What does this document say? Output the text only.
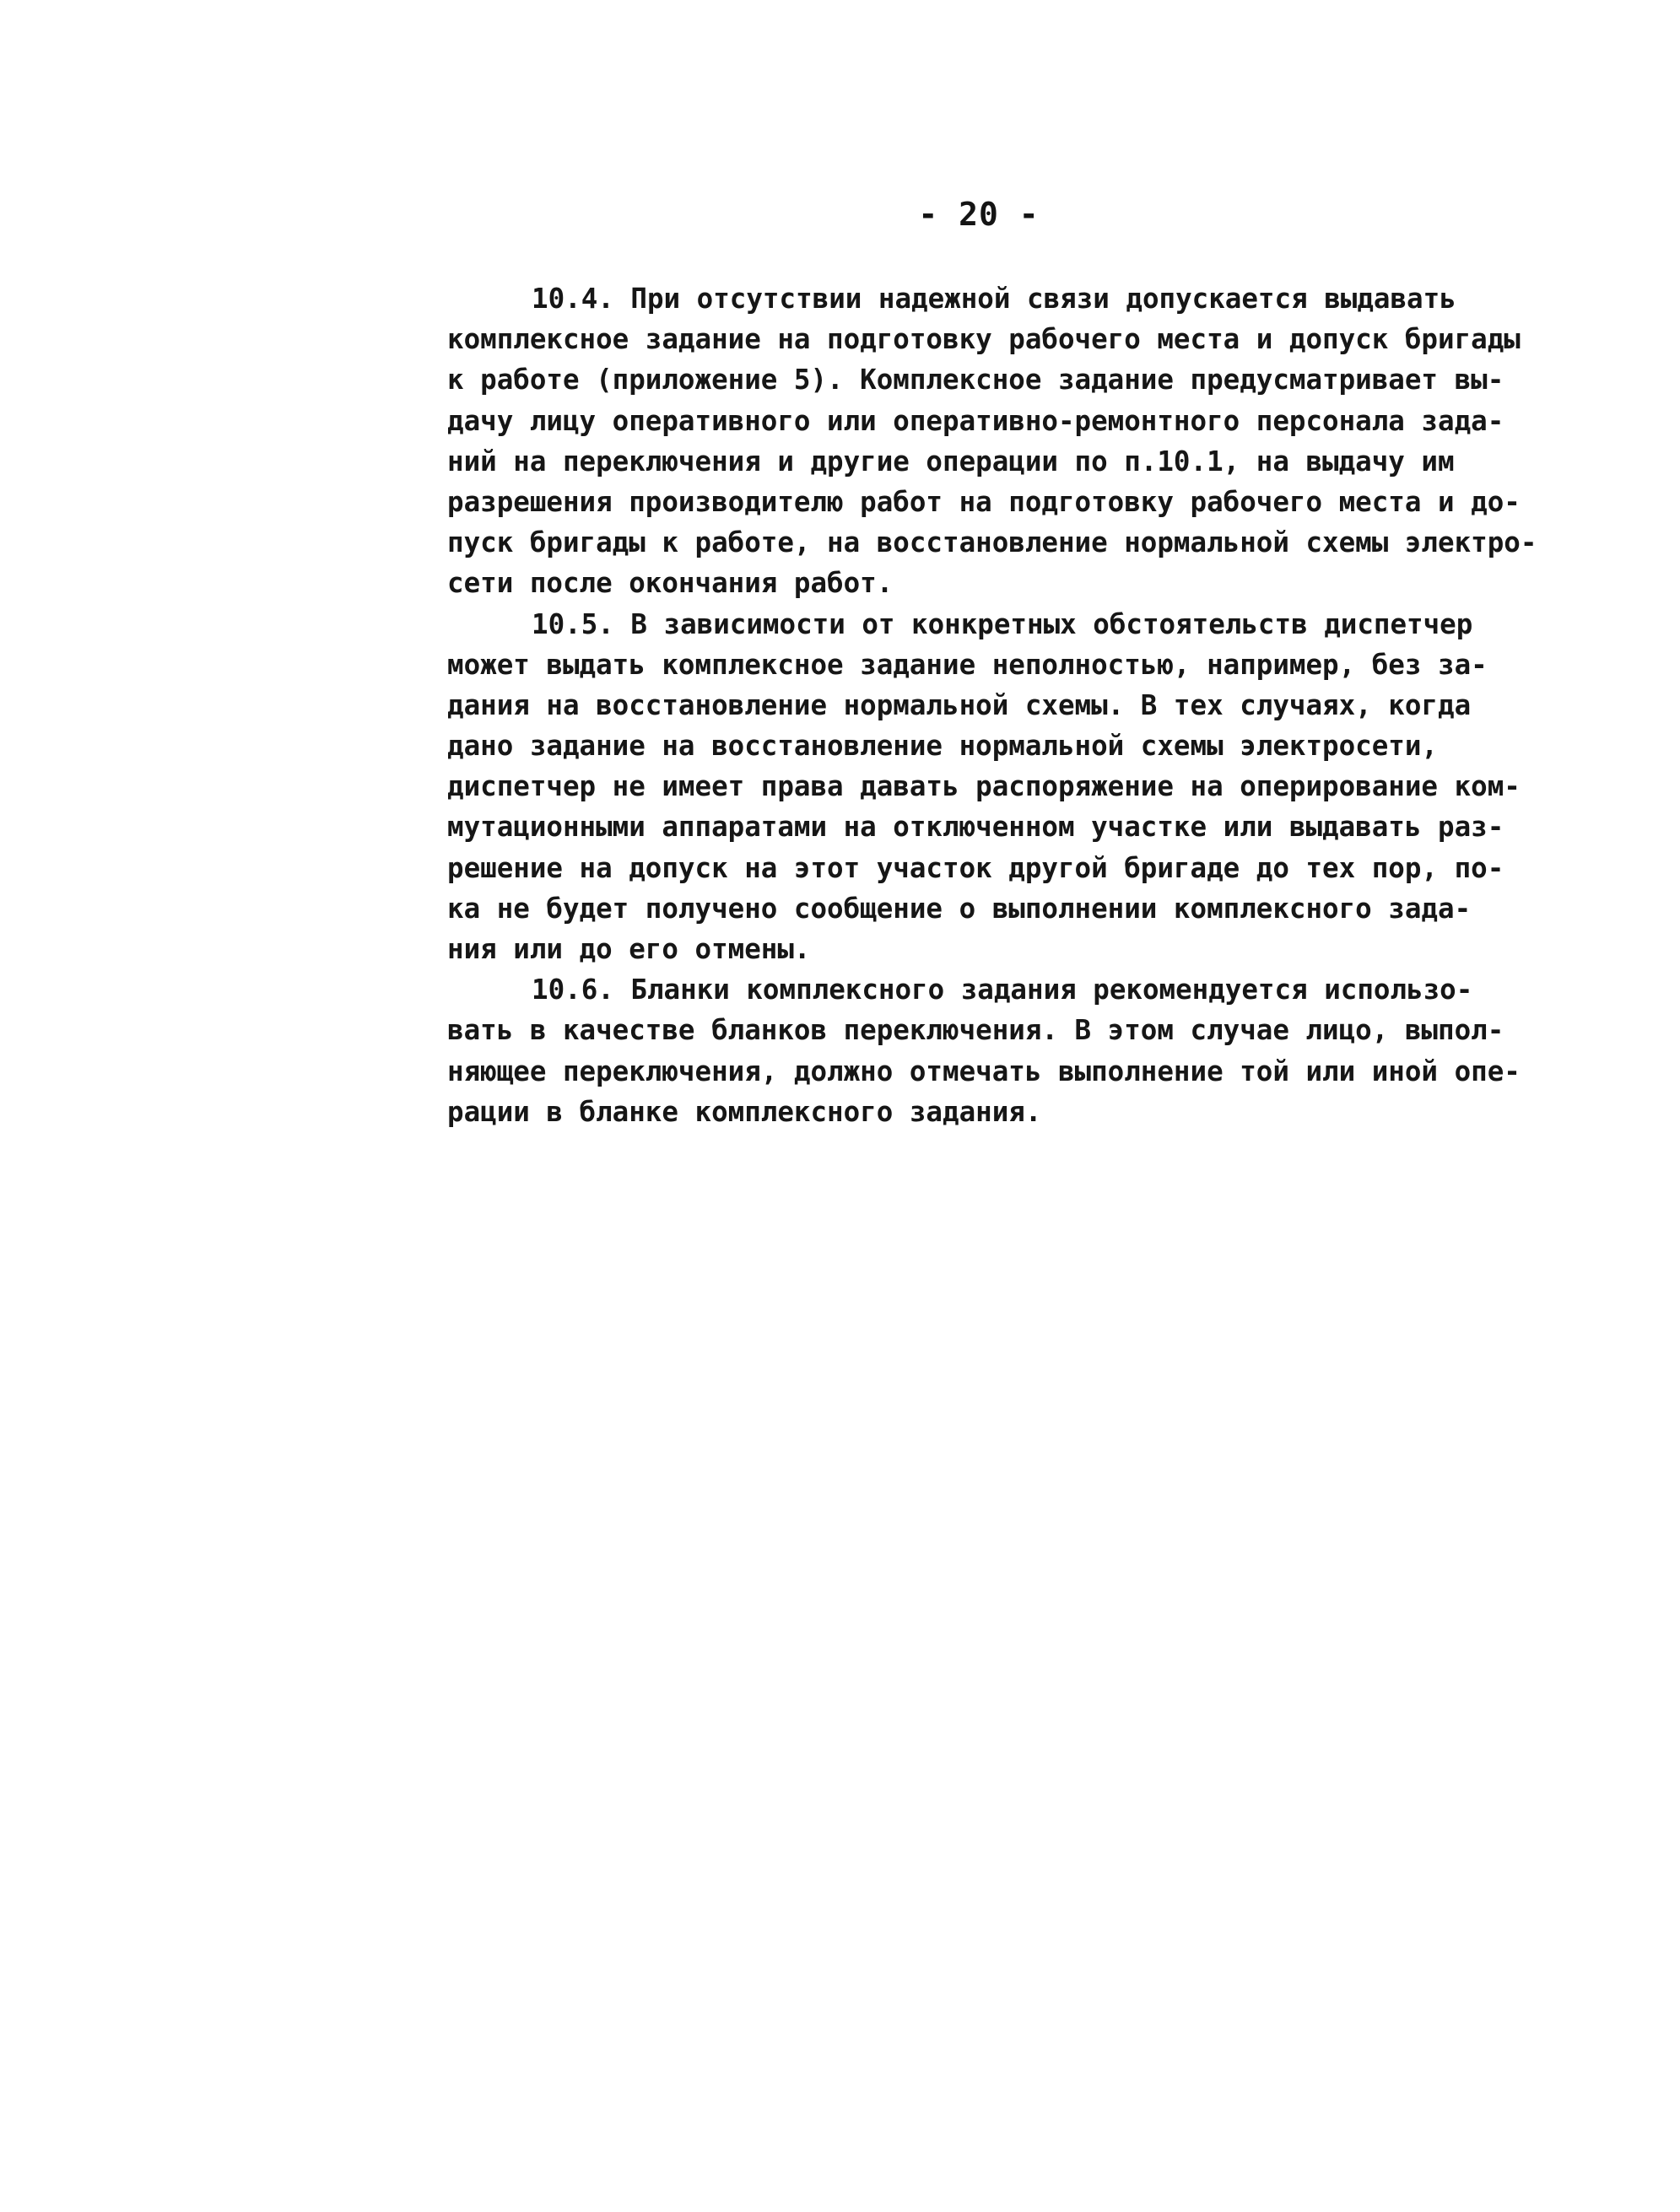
- 20 -
10.4. При отсутствии надежной связи допускается выдавать
комплексное задание на подготовку рабочего места и допуск бригады
к работе (приложение 5). Комплексное задание предусматривает вы-
дачу лицу оперативного или оперативно-ремонтного персонала зада-
ний на переключения и другие операции по п.10.1, на выдачу им
разрешения производителю работ на подготовку рабочего места и до-
пуск бригады к работе, на восстановление нормальной схемы электро-
сети после окончания работ.
10.5. В зависимости от конкретных обстоятельств диспетчер
может выдать комплексное задание неполностью, например, без за-
дания на восстановление нормальной схемы. В тех случаях, когда
дано задание на восстановление нормальной схемы электросети,
диспетчер не имеет права давать распоряжение на оперирование ком-
мутационными аппаратами на отключенном участке или выдавать раз-
решение на допуск на этот участок другой бригаде до тех пор, по-
ка не будет получено сообщение о выполнении комплексного зада-
ния или до его отмены.
10.6. Бланки комплексного задания рекомендуется использо-
вать в качестве бланков переключения. В этом случае лицо, выпол-
няющее переключения, должно отмечать выполнение той или иной опе-
рации в бланке комплексного задания.
